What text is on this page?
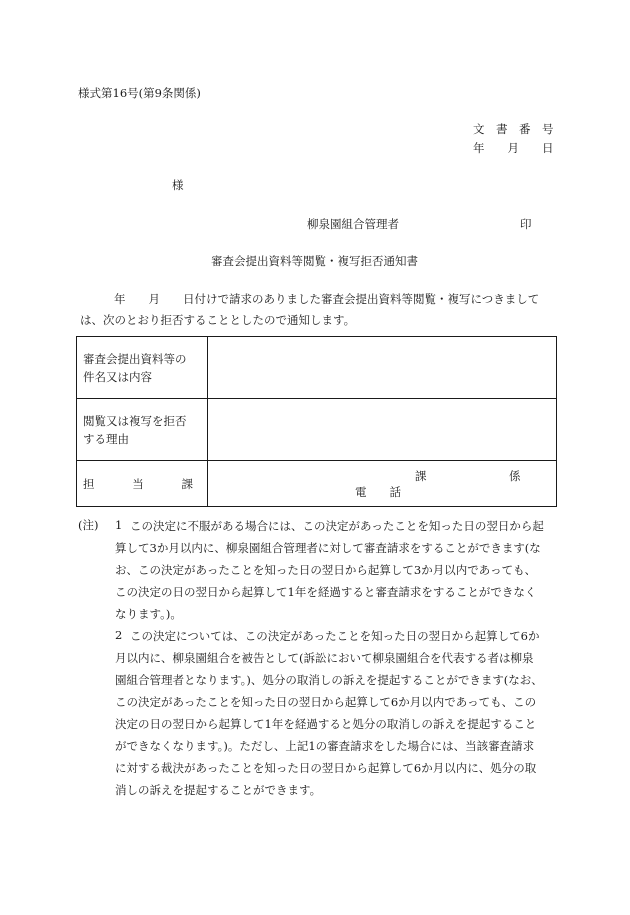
様式第16号(第9条関係)
文　書　番　号
年　　月　　日
様
柳泉園組合管理者	印
審査会提出資料等閲覧・複写拒否通知書
年　　月　　日付けで請求のありました審査会提出資料等閲覧・複写につきまして
は、次のとおり拒否することとしたので通知します。
審査会提出資料等の
件名又は内容	

閲覧又は複写を拒否
する理由	

担 当 課	課 係
電　　話
(注) 1 この決定に不服がある場合には、この決定があったことを知った日の翌日から起
算して3か月以内に、柳泉園組合管理者に対して審査請求をすることができます(な
お、この決定があったことを知った日の翌日から起算して3か月以内であっても、
この決定の日の翌日から起算して1年を経過すると審査請求をすることができなく
なります。)。
2 この決定については、この決定があったことを知った日の翌日から起算して6か
月以内に、柳泉園組合を被告として(訴訟において柳泉園組合を代表する者は柳泉
園組合管理者となります。)、処分の取消しの訴えを提起することができます(なお、
この決定があったことを知った日の翌日から起算して6か月以内であっても、この
決定の日の翌日から起算して1年を経過すると処分の取消しの訴えを提起すること
ができなくなります。)。ただし、上記1の審査請求をした場合には、当該審査請求
に対する裁決があったことを知った日の翌日から起算して6か月以内に、処分の取
消しの訴えを提起することができます。
